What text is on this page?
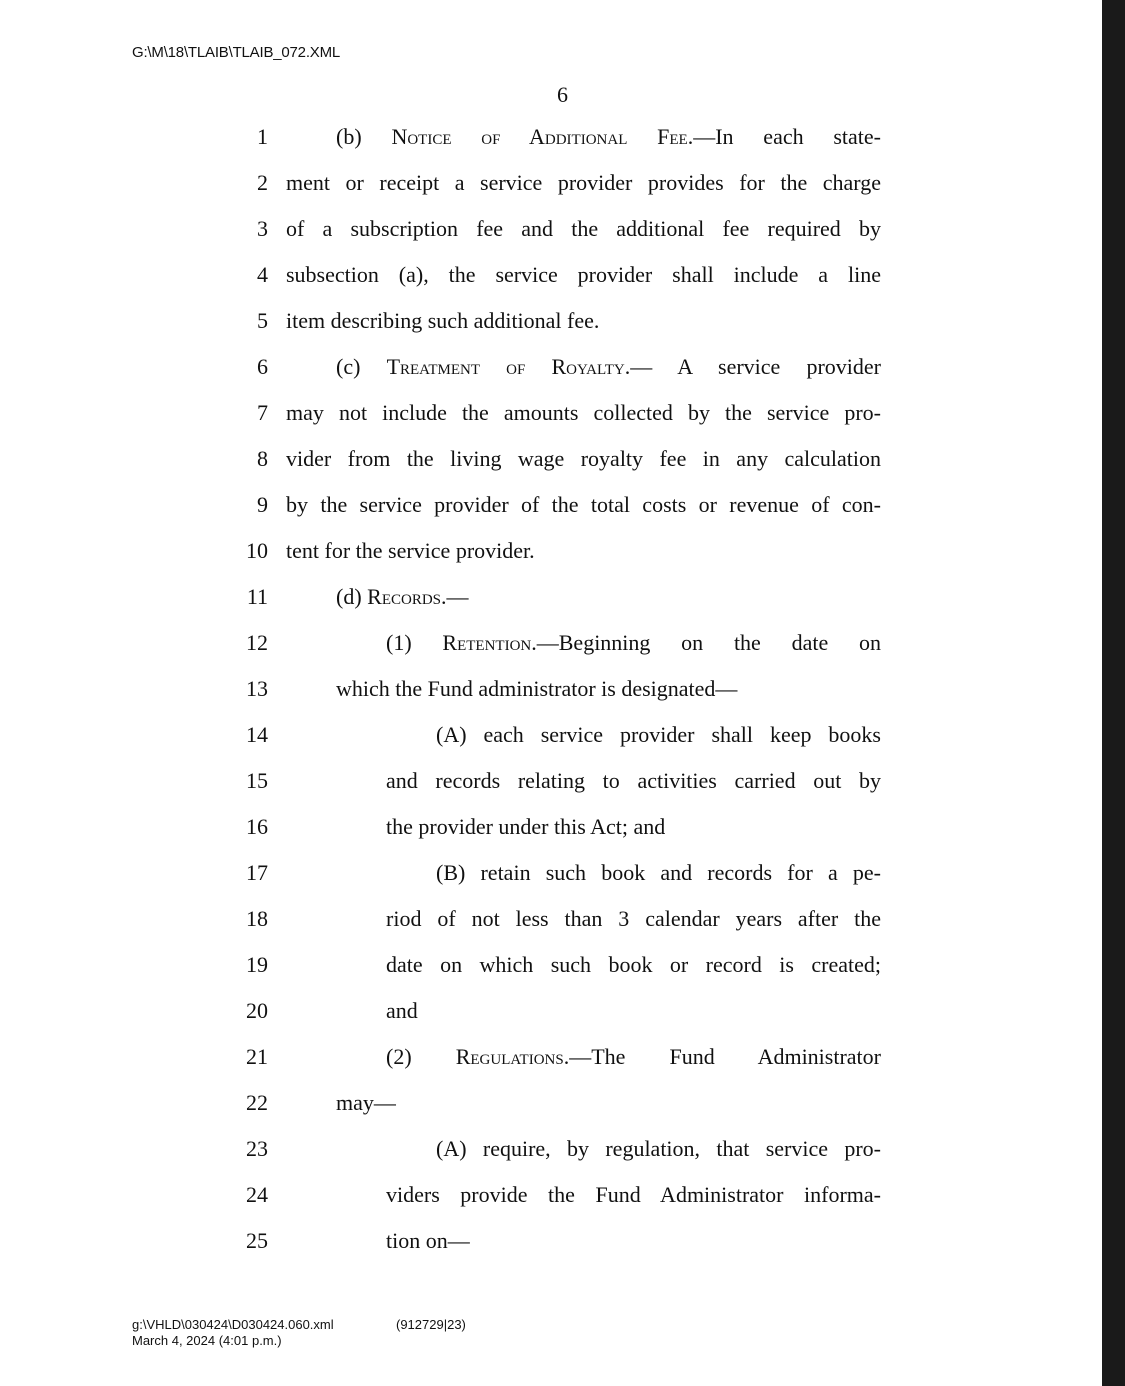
G:\M\18\TLAIB\TLAIB_072.XML
6
1	(b) Notice of Additional Fee.—In each state-
2 ment or receipt a service provider provides for the charge
3 of a subscription fee and the additional fee required by
4 subsection (a), the service provider shall include a line
5 item describing such additional fee.
6	(c) Treatment of Royalty.— A service provider
7 may not include the amounts collected by the service pro-
8 vider from the living wage royalty fee in any calculation
9 by the service provider of the total costs or revenue of con-
10 tent for the service provider.
11	(d) Records.—
12	(1) Retention.—Beginning on the date on
13	which the Fund administrator is designated—
14	(A) each service provider shall keep books
15	and records relating to activities carried out by
16	the provider under this Act; and
17	(B) retain such book and records for a pe-
18	riod of not less than 3 calendar years after the
19	date on which such book or record is created;
20	and
21	(2) Regulations.—The Fund Administrator
22	may—
23	(A) require, by regulation, that service pro-
24	viders provide the Fund Administrator informa-
25	tion on—
g:\VHLD\030424\D030424.060.xml
March 4, 2024 (4:01 p.m.)
(912729|23)
